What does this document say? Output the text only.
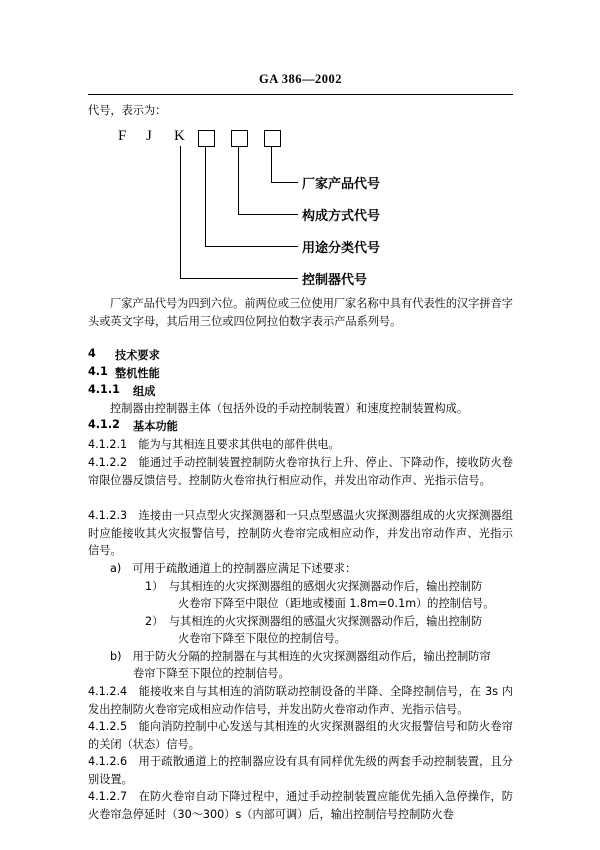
GA 386—2002
代号，表示为：
F J K
厂家产品代号
构成方式代号
用途分类代号
控制器代号
厂家产品代号为四到六位。前两位或三位使用厂家名称中具有代表性的汉字拼音字头或英文字母，其后用三位或四位阿拉伯数字表示产品系列号。
4 技术要求
4.1 整机性能
4.1.1 组成
控制器由控制器主体（包括外设的手动控制装置）和速度控制装置构成。
4.1.2 基本功能
4.1.2.1　能为与其相连且要求其供电的部件供电。
4.1.2.2　能通过手动控制装置控制防火卷帘执行上升、停止、下降动作，接收防火卷帘限位器反馈信号、控制防火卷帘执行相应动作，并发出帘动作声、光指示信号。
4.1.2.3　连接由一只点型火灾探测器和一只点型感温火灾探测器组成的火灾探测器组时应能接收其火灾报警信号，控制防火卷帘完成相应动作，并发出帘动作声、光指示信号。
a)　可用于疏散通道上的控制器应满足下述要求：
1）　与其相连的火灾探测器组的感烟火灾探测器动作后，输出控制防
火卷帘下降至中限位（距地或楼面 1.8m=0.1m）的控制信号。
2）　与其相连的火灾探测器组的感温火灾探测器动作后，输出控制防
火卷帘下降至下限位的控制信号。
b)　用于防火分隔的控制器在与其相连的火灾探测器组动作后，输出控制防帘
卷帘下降至下限位的控制信号。
4.1.2.4　能接收来自与其相连的消防联动控制设备的半降、全降控制信号，在 3s 内发出控制防火卷帘完成相应动作信号，并发出防火卷帘动作声、光指示信号。
4.1.2.5　能向消防控制中心发送与其相连的火灾探测器组的火灾报警信号和防火卷帘的关闭（状态）信号。
4.1.2.6　用于疏散通道上的控制器应设有具有同样优先级的两套手动控制装置，且分别设置。
4.1.2.7　在防火卷帘自动下降过程中，通过手动控制装置应能优先插入急停操作，防火卷帘急停延时（30～300）s（内部可调）后，输出控制信号控制防火卷
